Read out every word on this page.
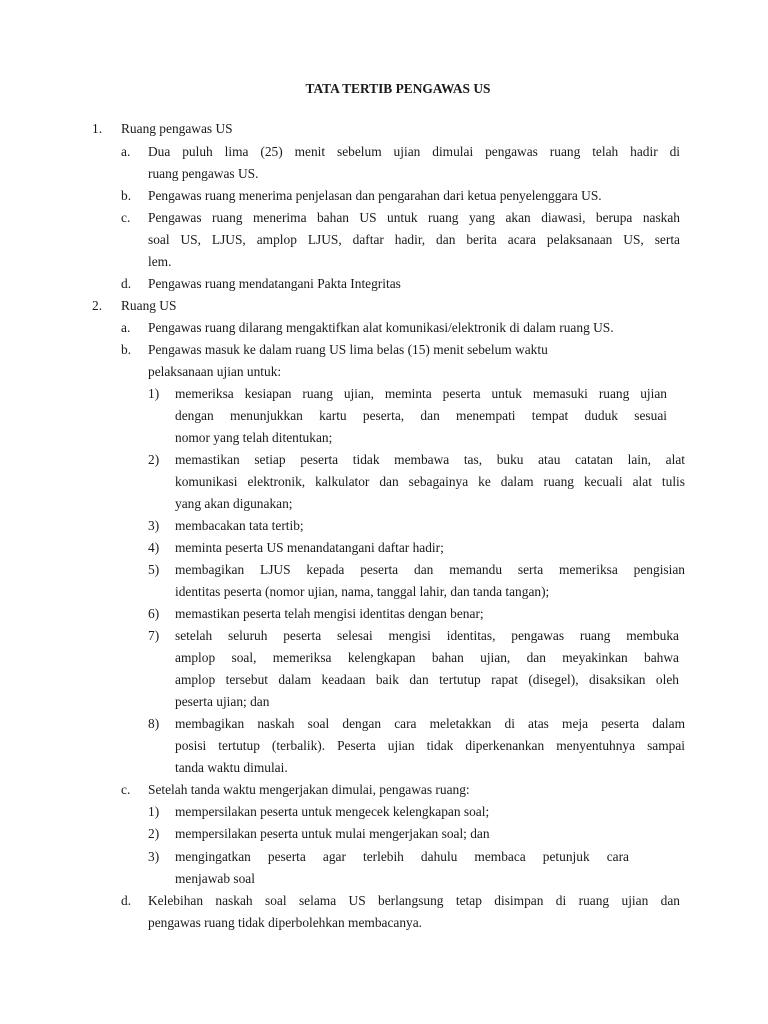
TATA TERTIB PENGAWAS US
1. Ruang pengawas US
a. Dua puluh lima (25) menit sebelum ujian dimulai pengawas ruang telah hadir di
ruang pengawas US.
b. Pengawas ruang menerima penjelasan dan pengarahan dari ketua penyelenggara US.
c. Pengawas ruang menerima bahan US untuk ruang yang akan diawasi, berupa naskah
soal US, LJUS, amplop LJUS, daftar hadir, dan berita acara pelaksanaan US, serta
lem.
d. Pengawas ruang mendatangani Pakta Integritas
2. Ruang US
a. Pengawas ruang dilarang mengaktifkan alat komunikasi/elektronik di dalam ruang US.
b. Pengawas masuk ke dalam ruang US lima belas (15) menit sebelum waktu
pelaksanaan ujian untuk:
1) memeriksa kesiapan ruang ujian, meminta peserta untuk memasuki ruang ujian
dengan menunjukkan kartu peserta, dan menempati tempat duduk sesuai
nomor yang telah ditentukan;
2) memastikan setiap peserta tidak membawa tas, buku atau catatan lain, alat
komunikasi elektronik, kalkulator dan sebagainya ke dalam ruang kecuali alat tulis
yang akan digunakan;
3) membacakan tata tertib;
4) meminta peserta US menandatangani daftar hadir;
5) membagikan LJUS kepada peserta dan memandu serta memeriksa pengisian
identitas peserta (nomor ujian, nama, tanggal lahir, dan tanda tangan);
6) memastikan peserta telah mengisi identitas dengan benar;
7) setelah seluruh peserta selesai mengisi identitas, pengawas ruang membuka
amplop soal, memeriksa kelengkapan bahan ujian, dan meyakinkan bahwa
amplop tersebut dalam keadaan baik dan tertutup rapat (disegel), disaksikan oleh
peserta ujian; dan
8) membagikan naskah soal dengan cara meletakkan di atas meja peserta dalam
posisi tertutup (terbalik). Peserta ujian tidak diperkenankan menyentuhnya sampai
tanda waktu dimulai.
c. Setelah tanda waktu mengerjakan dimulai, pengawas ruang:
1) mempersilakan peserta untuk mengecek kelengkapan soal;
2) mempersilakan peserta untuk mulai mengerjakan soal; dan
3) mengingatkan peserta agar terlebih dahulu membaca petunjuk cara
menjawab soal
d. Kelebihan naskah soal selama US berlangsung tetap disimpan di ruang ujian dan
pengawas ruang tidak diperbolehkan membacanya.
